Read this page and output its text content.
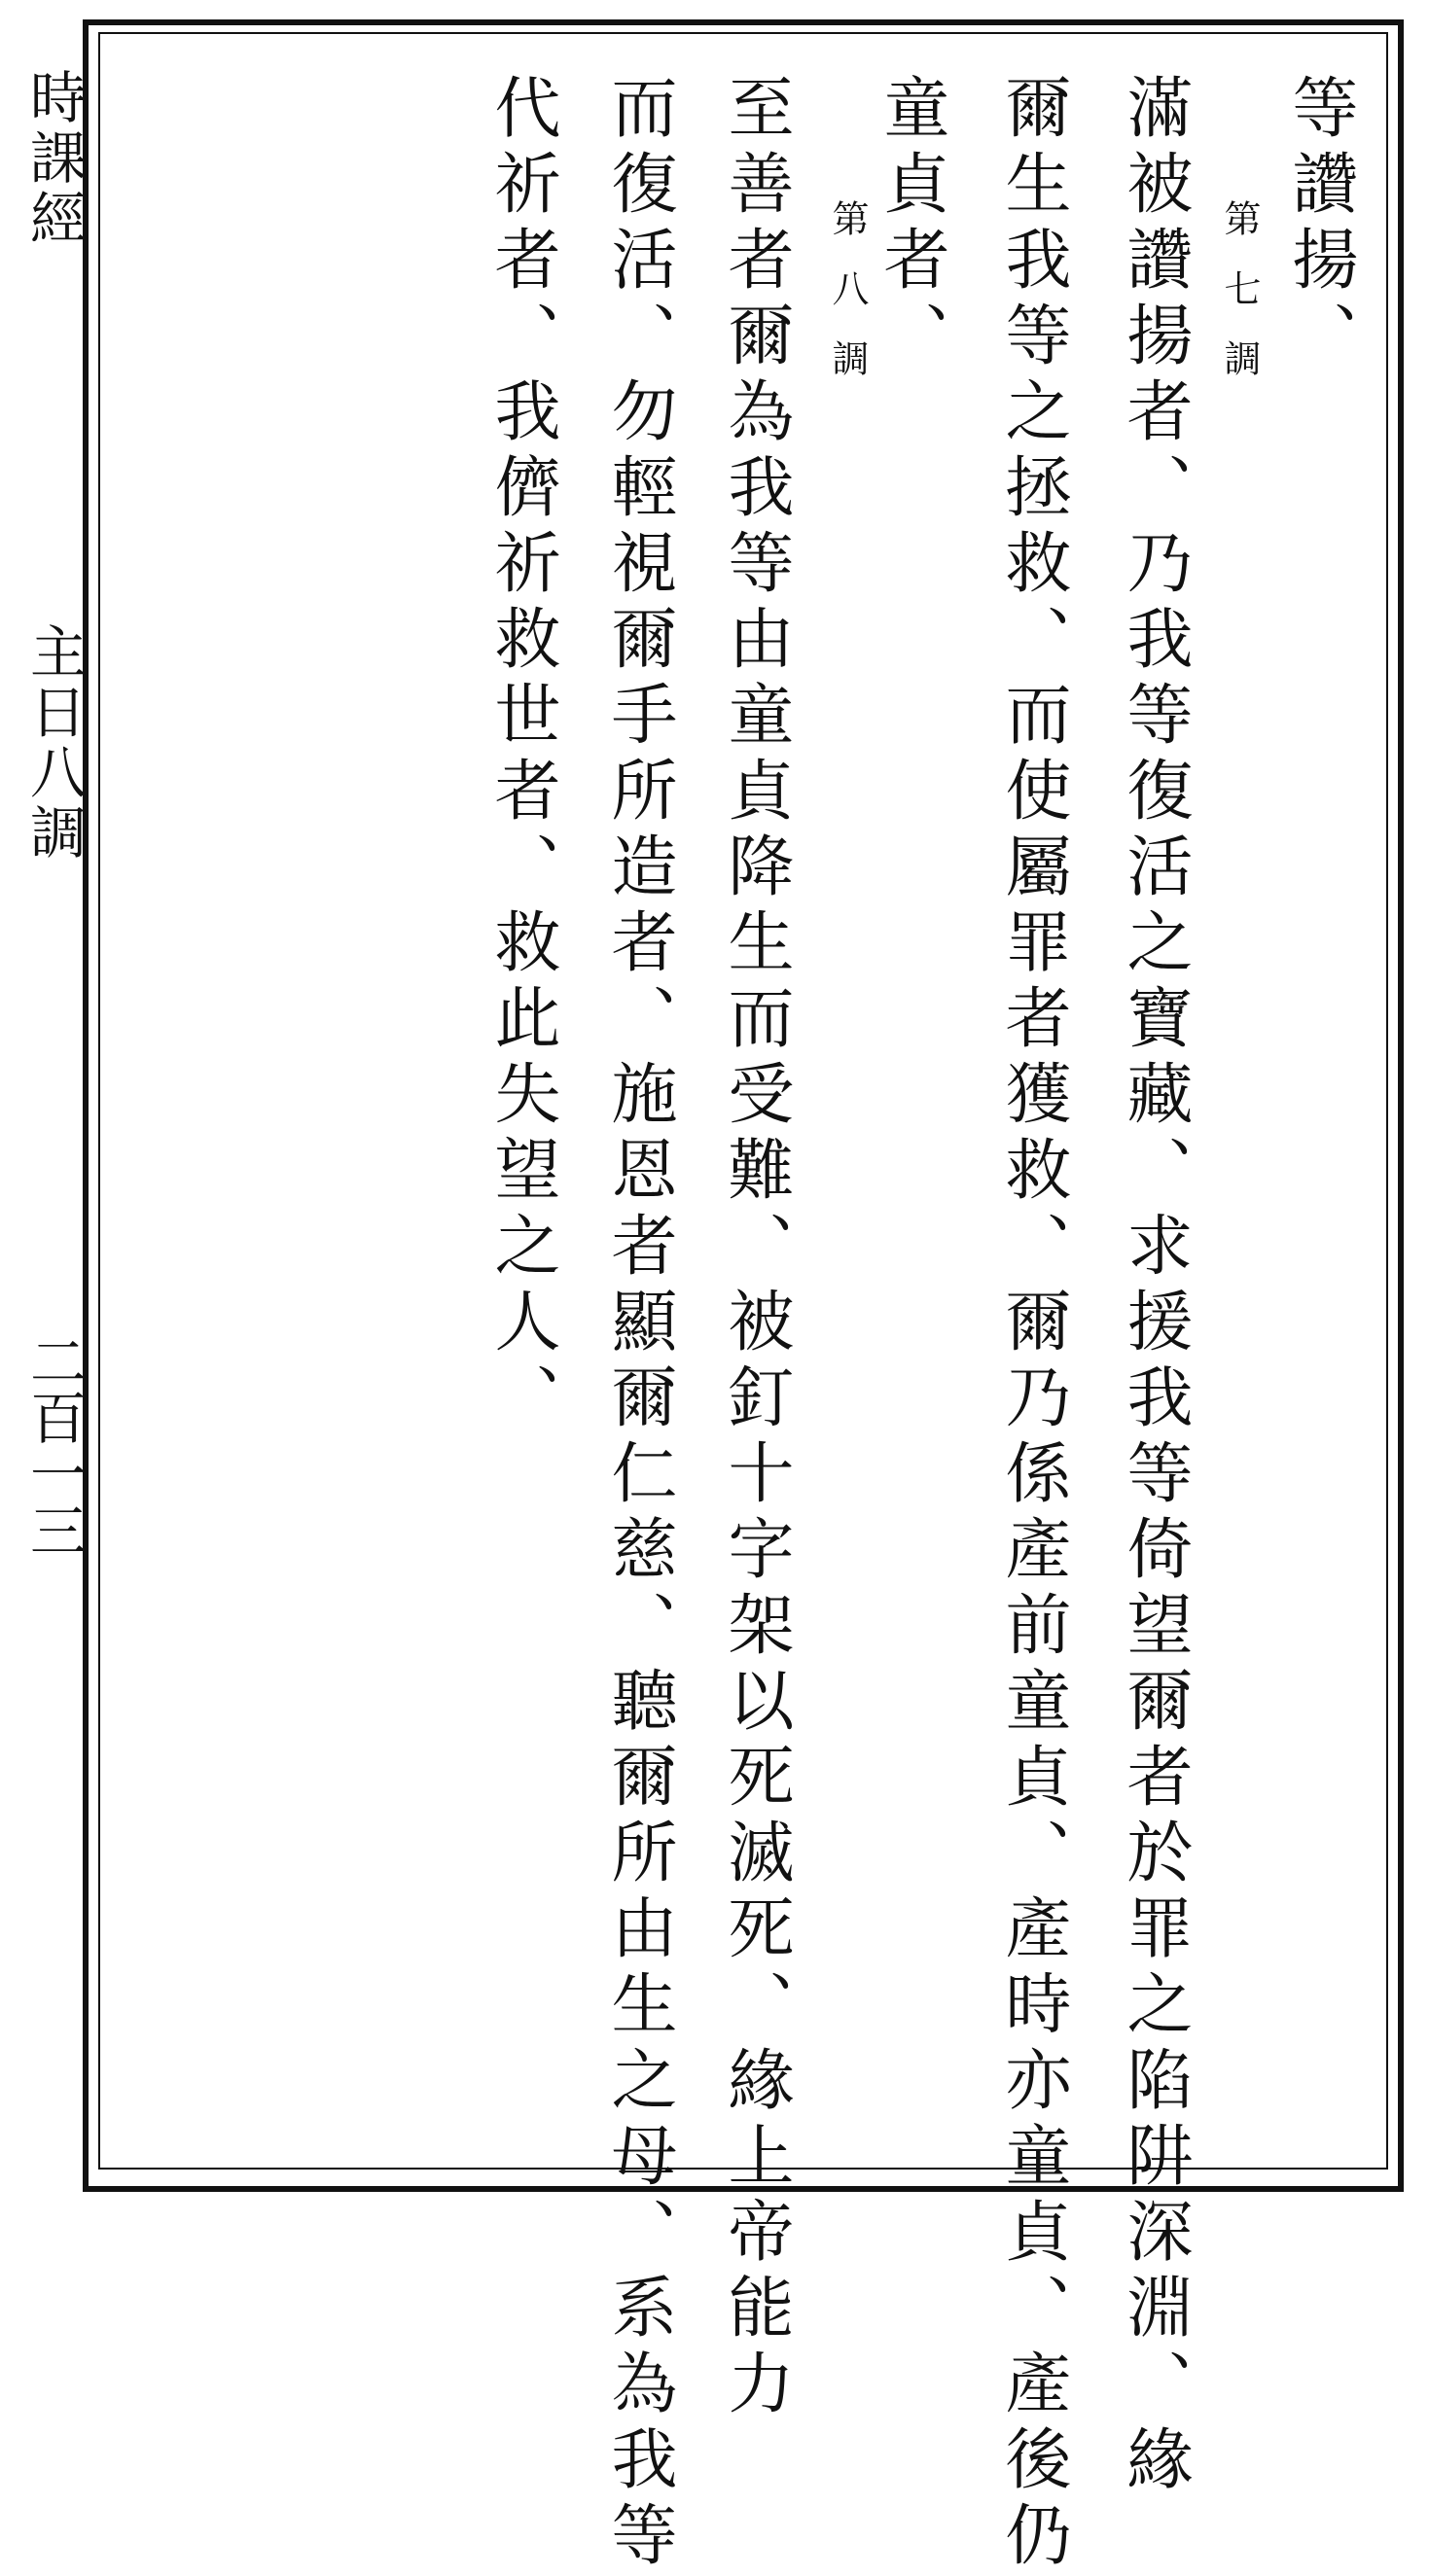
時課經
主日八調
二百一三
等讚揚、
第七調
滿被讚揚者、乃我等復活之寶藏、求援我等倚望爾者於罪之陷阱深淵、緣
爾生我等之拯救、而使屬罪者獲救、爾乃係產前童貞、產時亦童貞、產後仍
童貞者、
第八調
至善者爾為我等由童貞降生而受難、被釘十字架以死滅死、緣上帝能力
而復活、勿輕視爾手所造者、施恩者顯爾仁慈、聽爾所由生之母、系為我等
代祈者、我儕祈救世者、救此失望之人、
